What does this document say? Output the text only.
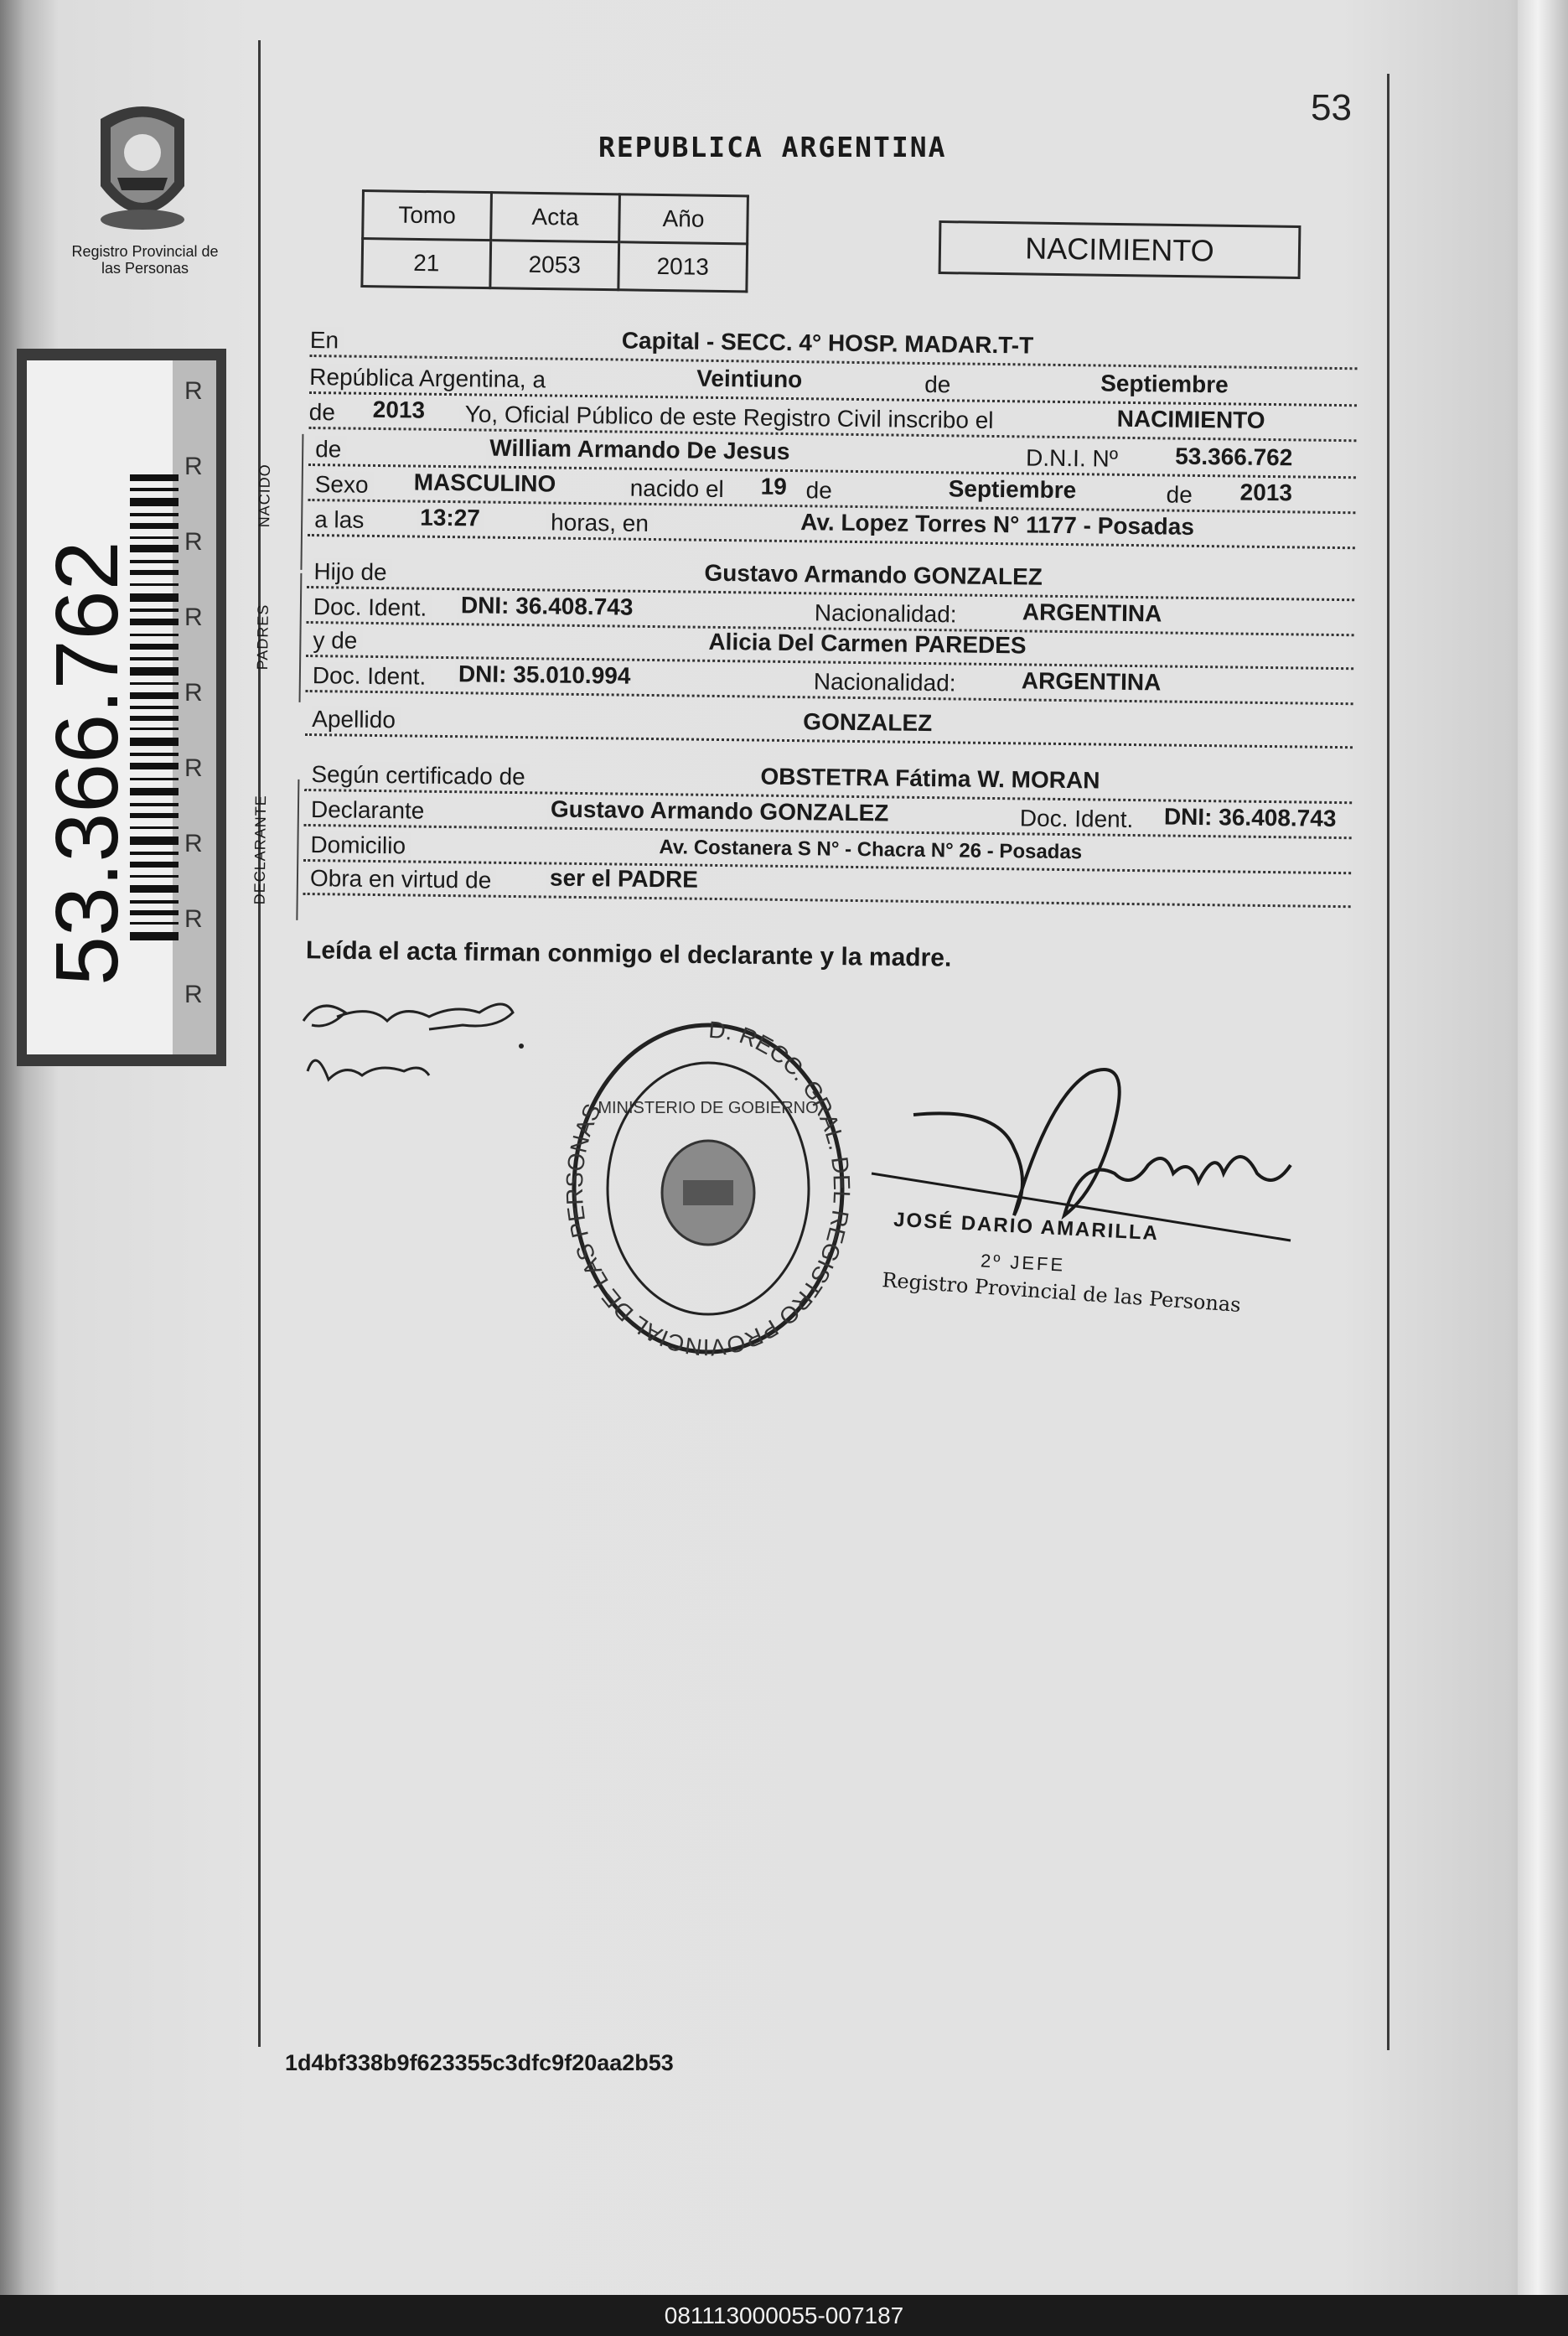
Registro Provincial de las Personas
53.366.762
R
R
R
R
R
R
R
R
R
53
REPUBLICA ARGENTINA
Tomo	Acta	Año
21	2053	2013	NACIMIENTO
NACIDO
PADRES
DECLARANTE
En	Capital - SECC. 4° HOSP. MADAR.T-T
República Argentina, a	Veintiuno	de	Septiembre
de 2013 Yo, Oficial Público de este Registro Civil inscribo el	NACIMIENTO
de	William Armando De Jesus	D.N.I. Nº 53.366.762
Sexo MASCULINO	nacido el 19 de	Septiembre	de 2013
a las 13:27	horas, en	Av. Lopez Torres N° 1177 - Posadas
Hijo de	Gustavo Armando GONZALEZ
Doc. Ident. DNI: 36.408.743	Nacionalidad:	ARGENTINA
y de	Alicia Del Carmen PAREDES
Doc. Ident. DNI: 35.010.994	Nacionalidad:	ARGENTINA
Apellido	GONZALEZ
Según certificado de	OBSTETRA Fátima W. MORAN
Declarante	Gustavo Armando GONZALEZ	Doc. Ident. DNI: 36.408.743
Domicilio	Av. Costanera S N° - Chacra N° 26 - Posadas
Obra en virtud de ser el PADRE
Leída el acta firman conmigo el declarante y la madre.
D. RECC. GRAL. DEL REGISTRO PROVINCIAL DE LAS PERSONAS
MINISTERIO DE GOBIERNO
JOSÉ DARIO AMARILLA
2º JEFE
Registro Provincial de las Personas
1d4bf338b9f623355c3dfc9f20aa2b53
081113000055-007187
